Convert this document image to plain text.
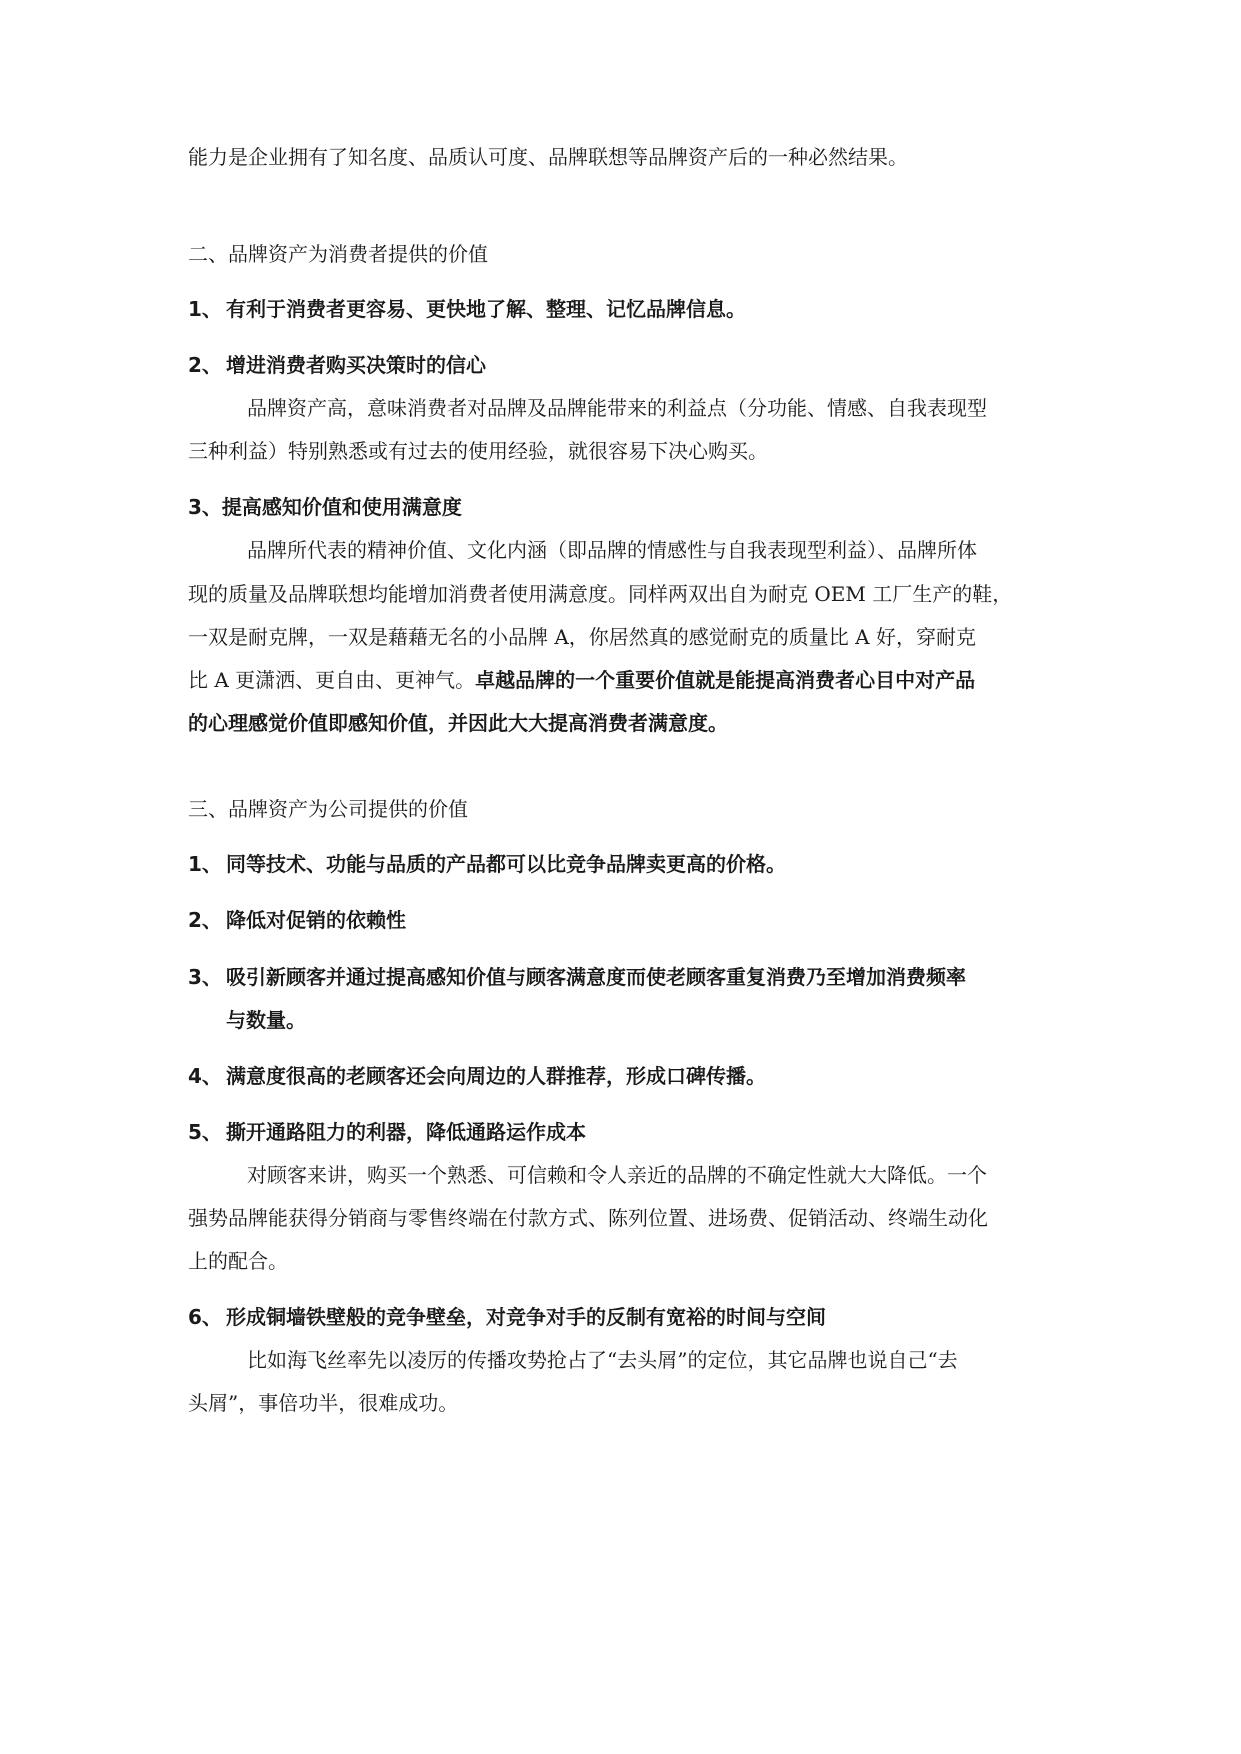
能力是企业拥有了知名度、品质认可度、品牌联想等品牌资产后的一种必然结果。
二、品牌资产为消费者提供的价值
1、 有利于消费者更容易、更快地了解、整理、记忆品牌信息。
2、 增进消费者购买决策时的信心
品牌资产高，意味消费者对品牌及品牌能带来的利益点（分功能、情感、自我表现型
三种利益）特别熟悉或有过去的使用经验，就很容易下决心购买。
3、提高感知价值和使用满意度
品牌所代表的精神价值、文化内涵（即品牌的情感性与自我表现型利益）、品牌所体
现的质量及品牌联想均能增加消费者使用满意度。同样两双出自为耐克 OEM 工厂生产的鞋，
一双是耐克牌，一双是藉藉无名的小品牌 A，你居然真的感觉耐克的质量比 A 好，穿耐克
比 A 更潇洒、更自由、更神气。卓越品牌的一个重要价值就是能提高消费者心目中对产品
的心理感觉价值即感知价值，并因此大大提高消费者满意度。
三、品牌资产为公司提供的价值
1、 同等技术、功能与品质的产品都可以比竞争品牌卖更高的价格。
2、 降低对促销的依赖性
3、 吸引新顾客并通过提高感知价值与顾客满意度而使老顾客重复消费乃至增加消费频率
与数量。
4、 满意度很高的老顾客还会向周边的人群推荐，形成口碑传播。
5、 撕开通路阻力的利器，降低通路运作成本
对顾客来讲，购买一个熟悉、可信赖和令人亲近的品牌的不确定性就大大降低。一个
强势品牌能获得分销商与零售终端在付款方式、陈列位置、进场费、促销活动、终端生动化
上的配合。
6、 形成铜墙铁壁般的竞争壁垒，对竞争对手的反制有宽裕的时间与空间
比如海飞丝率先以凌厉的传播攻势抢占了“去头屑”的定位，其它品牌也说自己“去
头屑”，事倍功半，很难成功。
